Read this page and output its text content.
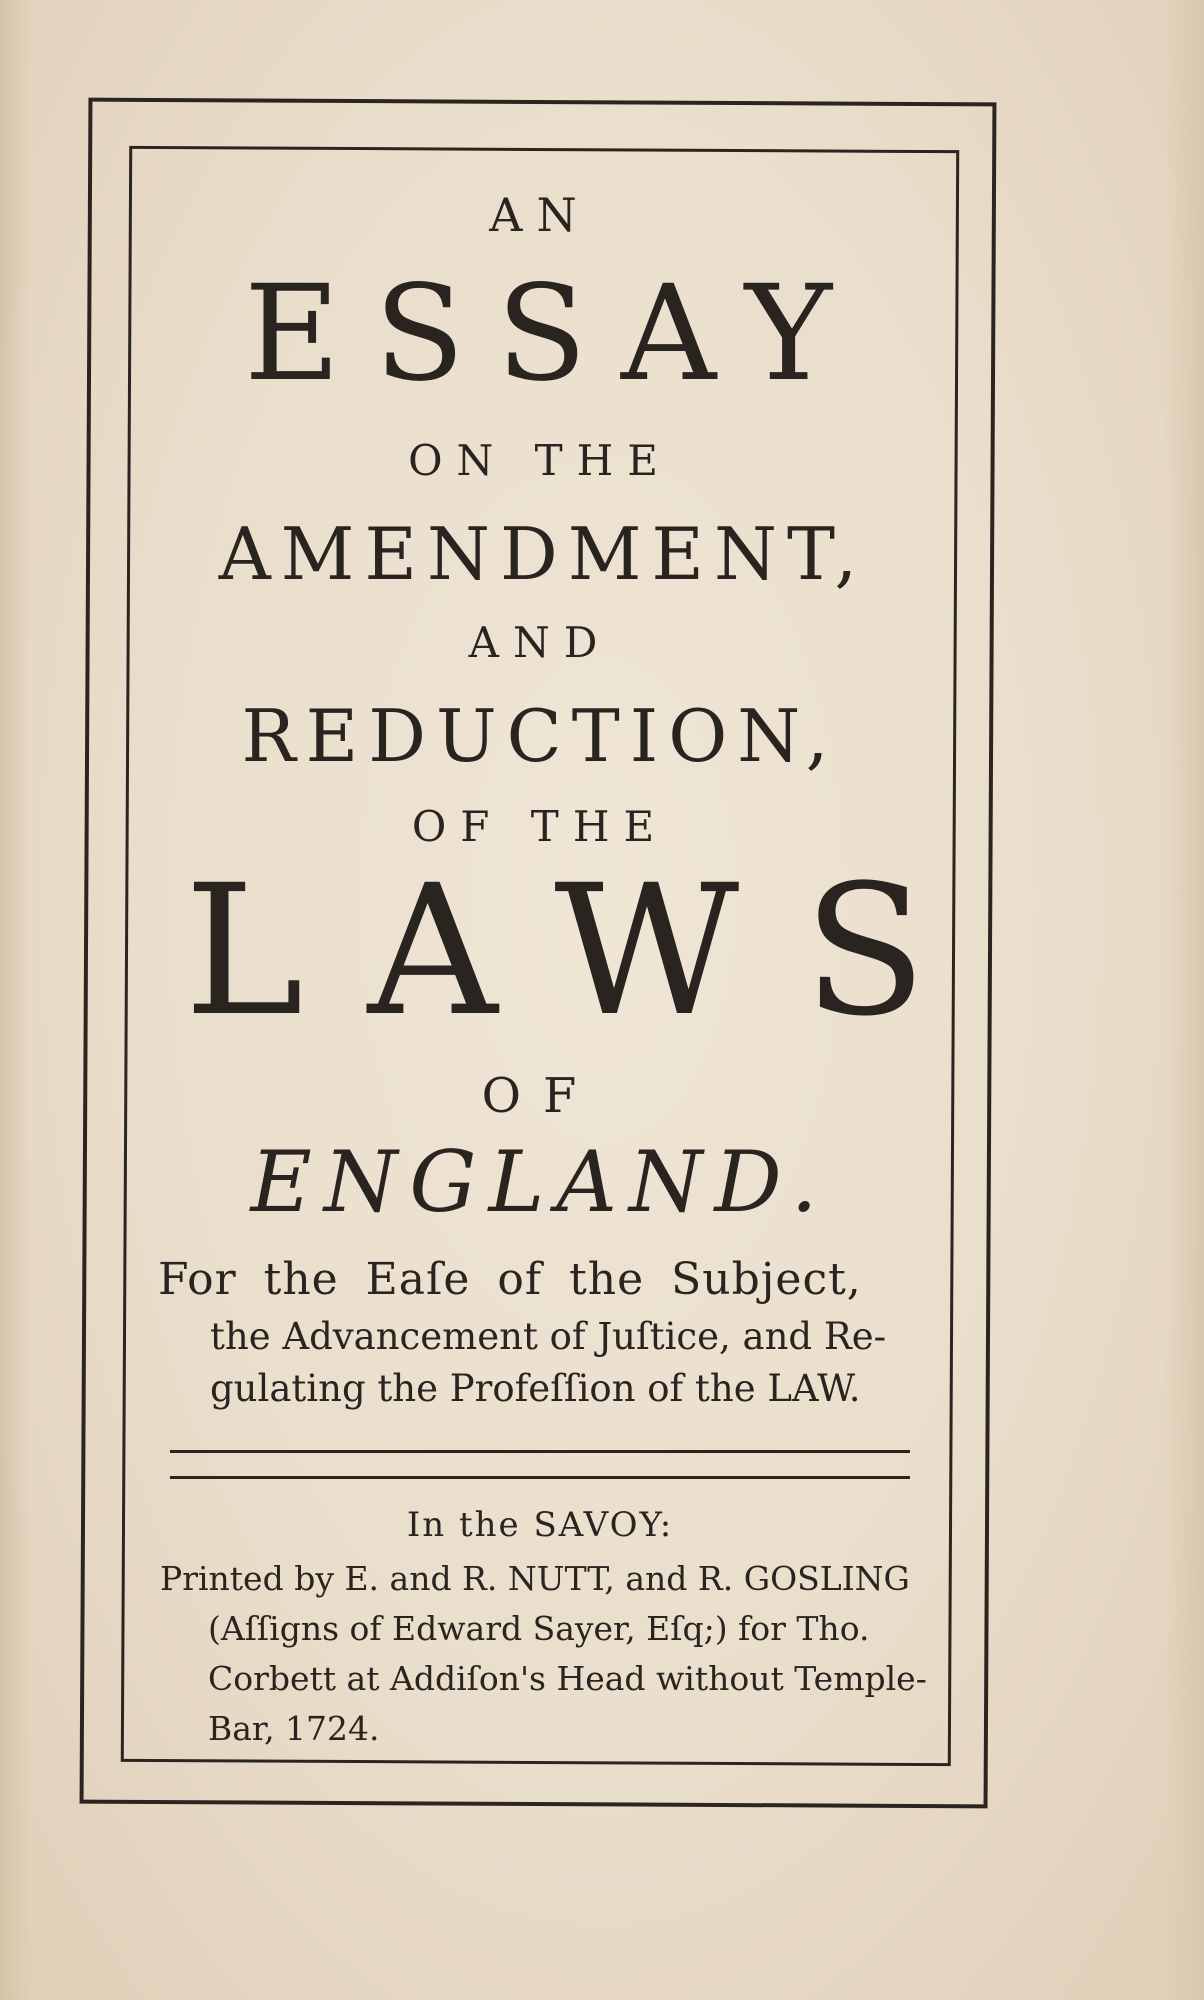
AN
ESSAY
ON THE
AMENDMENT,
AND
REDUCTION,
OF THE
LAWS
OF
ENGLAND.
For the Eaſe of the Subject,
the Advancement of Juſtice, and Re-
gulating the Profeſſion of the LAW.
In the SAVOY:
Printed by E. and R. NUTT, and R. GOSLING
(Aſſigns of Edward Sayer, Eſq;) for Tho.
Corbett at Addiſon's Head without Temple-
Bar, 1724.
